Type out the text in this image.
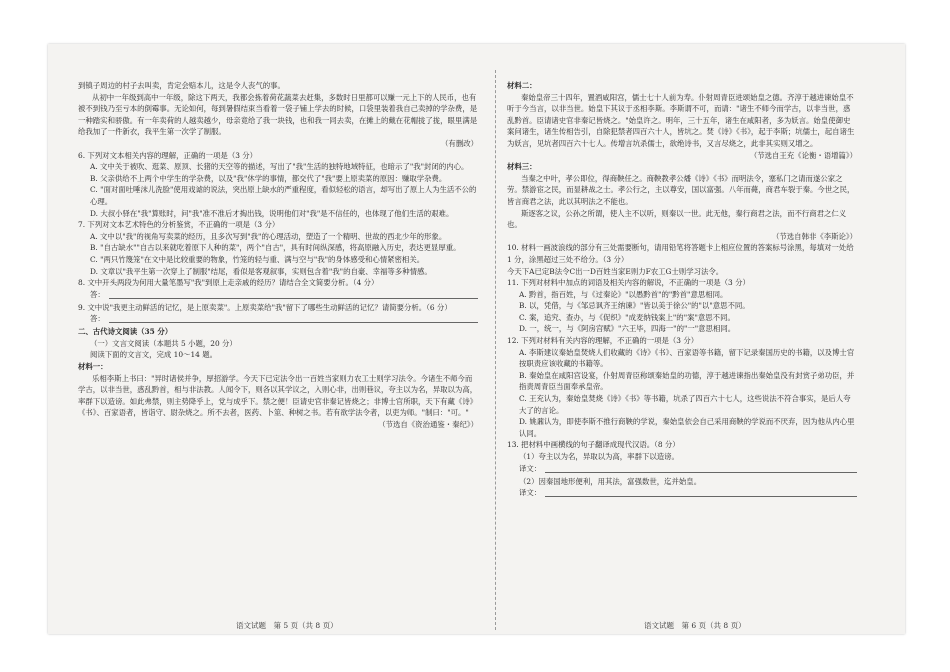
到镇子周边的村子去叫卖，肯定会赔本儿，这是令人丧气的事。

从初中一年级到高中一年级，除这下两天，我都会拣着荷花蔬菜去赶集，多数时日里都可以赚一元上下的人民币，也有被不到钱乃至亏本的倒霉事。无论如何，每到暑假结束当看着一袋子铺上学去的时候，口袋里装着我自己卖掉的学杂费，是一种踏实和骄傲。有一年卖荷的人越卖越少，母亲竟给了我一块钱，也和我一同去卖，在摊上的戴在花帽拢了拢，眼里满是给我加了一件新衣，我平生第一次学了制服。

（有删改）

6. 下列对文本相关内容的理解，正确的一项是（3 分）

A. 文中关于被吹、逛菜、原顶、长猪的天空等的描述，写出了"我"生活的独特地域特征，也暗示了"我"封闭的内心。

B. 父亲供给不上两个中学生的学杂费，以及"我"休学的事情，都交代了"我"要上原卖菜的原因：赚取学杂费。

C. "面对面吐唾沫儿洗脸"使用戏谑的说法，突出原上缺水的严重程度，看似轻松的语言，却写出了原上人为生活不公的心理。

D. 大叔小驿在"我"算账时，问"我"准不准后才掏出钱，说明他们对"我"是不信任的，也体现了他们生活的艰难。

7. 下列对文本艺术特色的分析鉴赏，不正确的一项是（3 分）

A. 文中以"我"的视角写卖菜的经历，且多次写到"我"的心理活动，塑造了一个精明、世故的西北少年的形象。

B. "自古缺水""自古以来就吃着原下人种的菜"，两个"自古"，具有时间纵深感，将高原融入历史，表达更显厚重。

C. "两只竹篾笼"在文中是比较重要的物象，竹笼的轻与重、满与空与"我"的身体感受和心情紧密相关。

D. 文章以"我平生第一次穿上了制服"结尾，看似是客观叙事，实则包含着"我"的自豪、幸福等多种情感。

8. 文中开头两段为何用大量笔墨写"我"到原上走亲戚的经历？请结合全文简要分析。（4 分）

答：

9. 文中说"我更主动鲜活的记忆，是上原卖菜"。上原卖菜给"我"留下了哪些生动鲜活的记忆？请简要分析。（6 分）

答：

二、古代诗文阅读（35 分）

（一）文言文阅读（本题共 5 小题，20 分）

阅读下面的文言文，完成 10～14 题。

材料一：

乐相李斯上书曰："异时诸侯并争，厚招游学。今天下已定法令出一百姓当家则力农工士则学习法令。今诸生不师今而学古，以非当世，惑乱黔首，相与非法教。人闻令下，则各以其学议之，入则心非，出则巷议，夸主以为名，异取以为高，率群下以造谤。如此弗禁，则主势降乎上，党与成乎下。禁之便！臣请史官非秦记皆烧之；非博士官所职，天下有藏《诗》《书》、百家语者，皆诣守、尉杂烧之。所不去者，医药、卜筮、种树之书。若有欲学法令者，以吏为师。"制曰："可。"

（节选自《资治通鉴・秦纪》）

材料二：

秦始皇帝三十四年，置酒咸阳宫，儒士七十人前为寿。仆射周青臣进颂始皇之德。齐淳于越进谏始皇不听于今当言，以非当世。始皇下其议于丞相李斯。李斯谓不可，而请："诸生不师今而学古，以非当世，惑乱黔首。臣请诸史官非秦记皆烧之。"始皇许之。明年，三十五年，诸生在咸阳者，多为妖言。始皇使御史案问诸生，诸生传相告引，自除犯禁者四百六十人，皆坑之。焚《诗》《书》，起于李斯；坑儒士，起自诸生为妖言，见坑者四百六十七人。传增言坑杀儒士，欲绝诗书，又言尽烧之，此非其实则又增之。

（节选自王充《论衡・语增篇》）

材料三：

当秦之中叶，孝公即位，得商鞅任之。商鞅教孝公燔《诗》《书》而明法令，塞私门之请而遂公家之劳。禁游宦之民，而显耕战之士。孝公行之，主以尊安，国以富强。八年而薨，商君车裂于秦。今世之民，皆言商君之法，此以其明法之不能也。

斯逐客之议，公孙之所谓，使人主不以听，则秦以一世。此无他，秦行商君之法，而不行商君之仁义也。

（节选自韩非《李斯论》）

10. 材料一画波浪线的部分有三处需要断句，请用铅笔将答题卡上相应位置的答案标号涂黑，每填对一处给 1 分，涂黑超过三处不给分。（3 分）

今天下A已定B法令C出一D百姓当家E则力F农工G士则学习法令。

11. 下列对材料中加点的词语及相关内容的解说，不正确的一项是（3 分）

A. 黔首，指百姓，与《过秦论》"以愚黔首"的"黔首"意思相同。

B. 以，凭借，与《邹忌讽齐王纳谏》"皆以美于徐公"的"以"意思不同。

C. 案，追究、查办，与《促织》"成麦纳钱案上"的"案"意思不同。

D. 一，统一，与《阿房宫赋》"六王毕，四海一"的"一"意思相同。

12. 下列对材料有关内容的理解，不正确的一项是（3 分）

A. 李斯建议秦始皇焚烧人们收藏的《诗》《书》、百家语等书籍，留下记录秦国历史的书籍，以及博士官按职责应该收藏的书籍等。

B. 秦始皇在咸阳宫设宴，仆射周青臣称颂秦始皇的功德，淳于越进谏指出秦始皇没有封赏子弟功臣，并指责周青臣当面奉承皇帝。

C. 王充认为，秦始皇焚烧《诗》《书》等书籍，坑杀了四百六十七人，这些说法不符合事实，是后人夸大了的言论。

D. 姚鼐认为，即使李斯不推行商鞅的学说，秦始皇依会自己采用商鞅的学说而不厌弃，因为他从内心里认同。

13. 把材料中画横线的句子翻译成现代汉语。（8 分）

（1）夸主以为名，异取以为高，率群下以造谤。

译文：

（2）因秦国地形便利，用其法，富强数世，迄并始皇。

译文：
语文试题　第 5 页（共 8 页）	语文试题　第 6 页（共 8 页）
